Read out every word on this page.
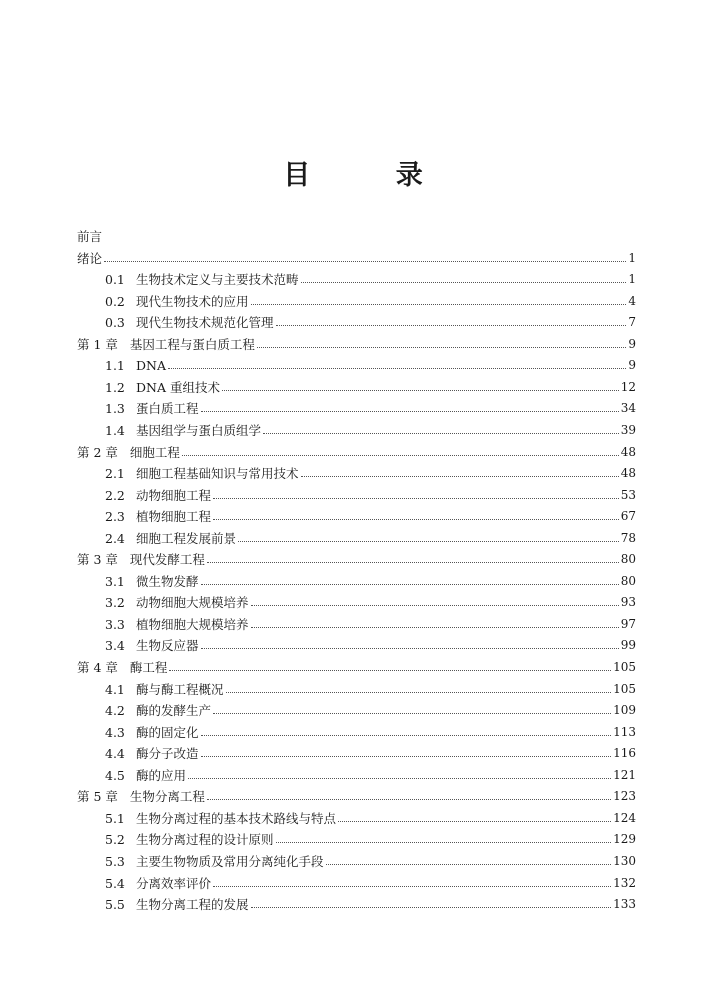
目 录
前言
绪论	1
0.1 生物技术定义与主要技术范畴	1
0.2 现代生物技术的应用	4
0.3 现代生物技术规范化管理	7
第 1 章 基因工程与蛋白质工程	9
1.1 DNA	9
1.2 DNA 重组技术	12
1.3 蛋白质工程	34
1.4 基因组学与蛋白质组学	39
第 2 章 细胞工程	48
2.1 细胞工程基础知识与常用技术	48
2.2 动物细胞工程	53
2.3 植物细胞工程	67
2.4 细胞工程发展前景	78
第 3 章 现代发酵工程	80
3.1 微生物发酵	80
3.2 动物细胞大规模培养	93
3.3 植物细胞大规模培养	97
3.4 生物反应器	99
第 4 章 酶工程	105
4.1 酶与酶工程概况	105
4.2 酶的发酵生产	109
4.3 酶的固定化	113
4.4 酶分子改造	116
4.5 酶的应用	121
第 5 章 生物分离工程	123
5.1 生物分离过程的基本技术路线与特点	124
5.2 生物分离过程的设计原则	129
5.3 主要生物物质及常用分离纯化手段	130
5.4 分离效率评价	132
5.5 生物分离工程的发展	133
